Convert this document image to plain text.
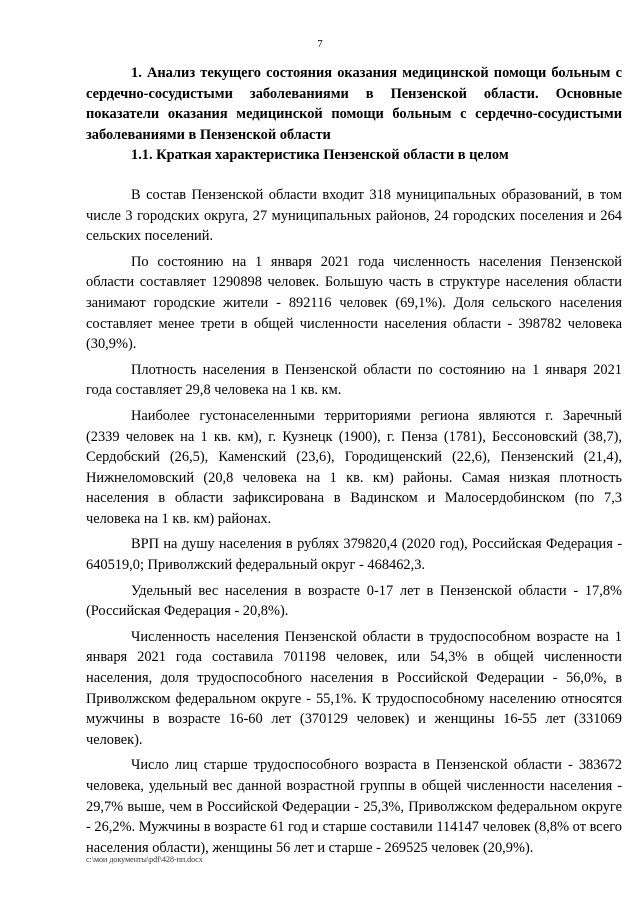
7

1. Анализ текущего состояния оказания медицинской помощи больным с сердечно-сосудистыми заболеваниями в Пензенской области. Основные показатели оказания медицинской помощи больным с сердечно-сосудистыми заболеваниями в Пензенской области

1.1. Краткая характеристика Пензенской области в целом

В состав Пензенской области входит 318 муниципальных образований, в том числе 3 городских округа, 27 муниципальных районов, 24 городских поселения и 264 сельских поселений.

По состоянию на 1 января 2021 года численность населения Пензенской области составляет 1290898 человек. Большую часть в структуре населения области занимают городские жители - 892116 человек (69,1%). Доля сельского населения составляет менее трети в общей численности населения области - 398782 человека (30,9%).

Плотность населения в Пензенской области по состоянию на 1 января 2021 года составляет 29,8 человека на 1 кв. км.

Наиболее густонаселенными территориями региона являются г. Заречный (2339 человек на 1 кв. км), г. Кузнецк (1900), г. Пенза (1781), Бессоновский (38,7), Сердобский (26,5), Каменский (23,6), Городищенский (22,6), Пензенский (21,4), Нижнеломовский (20,8 человека на 1 кв. км) районы. Самая низкая плотность населения в области зафиксирована в Вадинском и Малосердобинском (по 7,3 человека на 1 кв. км) районах.

ВРП на душу населения в рублях 379820,4 (2020 год), Российская Федерация - 640519,0; Приволжский федеральный округ - 468462,3.

Удельный вес населения в возрасте 0-17 лет в Пензенской области - 17,8% (Российская Федерация - 20,8%).

Численность населения Пензенской области в трудоспособном возрасте на 1 января 2021 года составила 701198 человек, или 54,3% в общей численности населения, доля трудоспособного населения в Российской Федерации - 56,0%, в Приволжском федеральном округе - 55,1%. К трудоспособному населению относятся мужчины в возрасте 16-60 лет (370129 человек) и женщины 16-55 лет (331069 человек).

Число лиц старше трудоспособного возраста в Пензенской области - 383672 человека, удельный вес данной возрастной группы в общей численности населения - 29,7% выше, чем в Российской Федерации - 25,3%, Приволжском федеральном округе - 26,2%. Мужчины в возрасте 61 год и старше составили 114147 человек (8,8% от всего населения области), женщины 56 лет и старше - 269525 человек (20,9%).

c:\мои документы\pdf\428-пп.docx
